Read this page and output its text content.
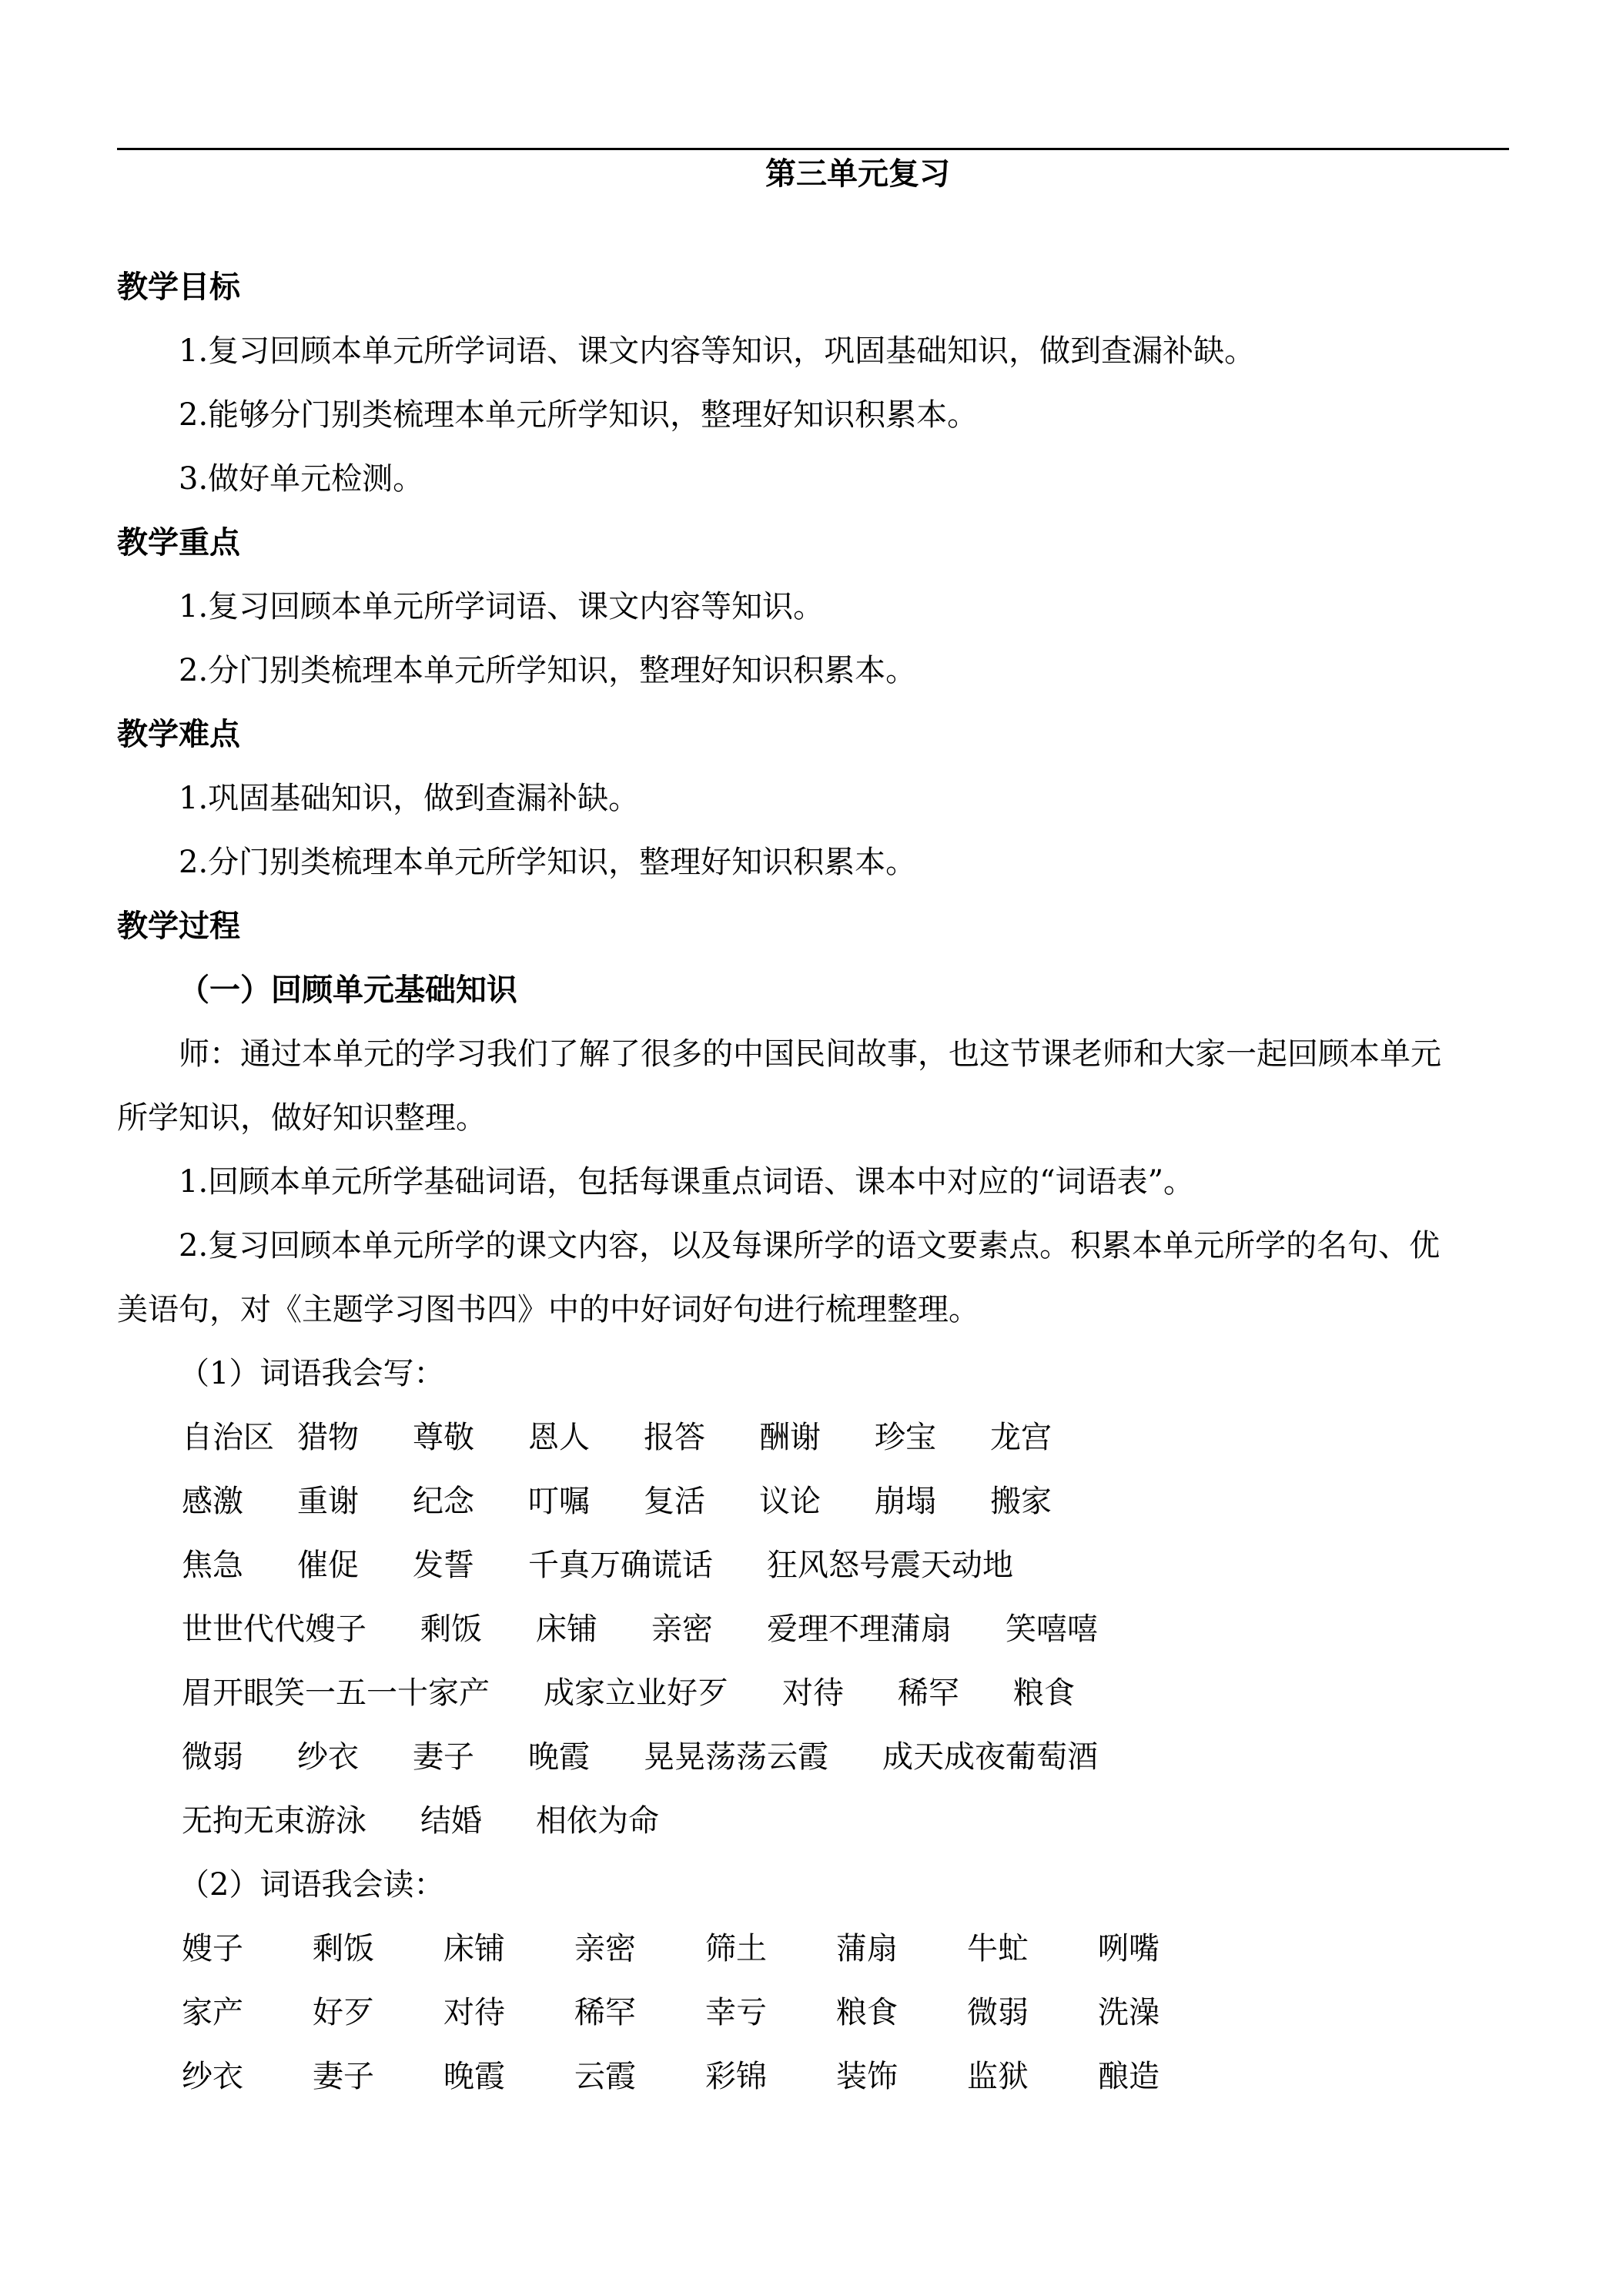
第三单元复习

教学目标

1.复习回顾本单元所学词语、课文内容等知识，巩固基础知识，做到查漏补缺。

2.能够分门别类梳理本单元所学知识，整理好知识积累本。

3.做好单元检测。

教学重点

1.复习回顾本单元所学词语、课文内容等知识。

2.分门别类梳理本单元所学知识，整理好知识积累本。

教学难点

1.巩固基础知识，做到查漏补缺。

2.分门别类梳理本单元所学知识，整理好知识积累本。

教学过程

（一）回顾单元基础知识

师：通过本单元的学习我们了解了很多的中国民间故事，也这节课老师和大家一起回顾本单元
所学知识，做好知识整理。

1.回顾本单元所学基础词语，包括每课重点词语、课本中对应的“词语表”。

2.复习回顾本单元所学的课文内容，以及每课所学的语文要素点。积累本单元所学的名句、优
美语句，对《主题学习图书四》中的中好词好句进行梳理整理。

（1）词语我会写：

自治区 猎物	尊敬	恩人	报答	酬谢	珍宝	龙宫
感激	重谢	纪念	叮嘱	复活	议论	崩塌	搬家
焦急	催促	发誓	千真万确 谎话	狂风怒号 震天动地
世世代代 嫂子	剩饭	床铺	亲密	爱理不理 蒲扇	笑嘻嘻
眉开眼笑 一五一十 家产	成家立业 好歹	对待	稀罕	粮食
微弱	纱衣	妻子	晚霞	晃晃荡荡 云霞	成天成夜 葡萄酒
无拘无束 游泳	结婚	相依为命

（2）词语我会读：

嫂子	剩饭	床铺	亲密	筛土	蒲扇	牛虻	咧嘴
家产	好歹	对待	稀罕	幸亏	粮食	微弱	洗澡
纱衣	妻子	晚霞	云霞	彩锦	装饰	监狱	酿造
